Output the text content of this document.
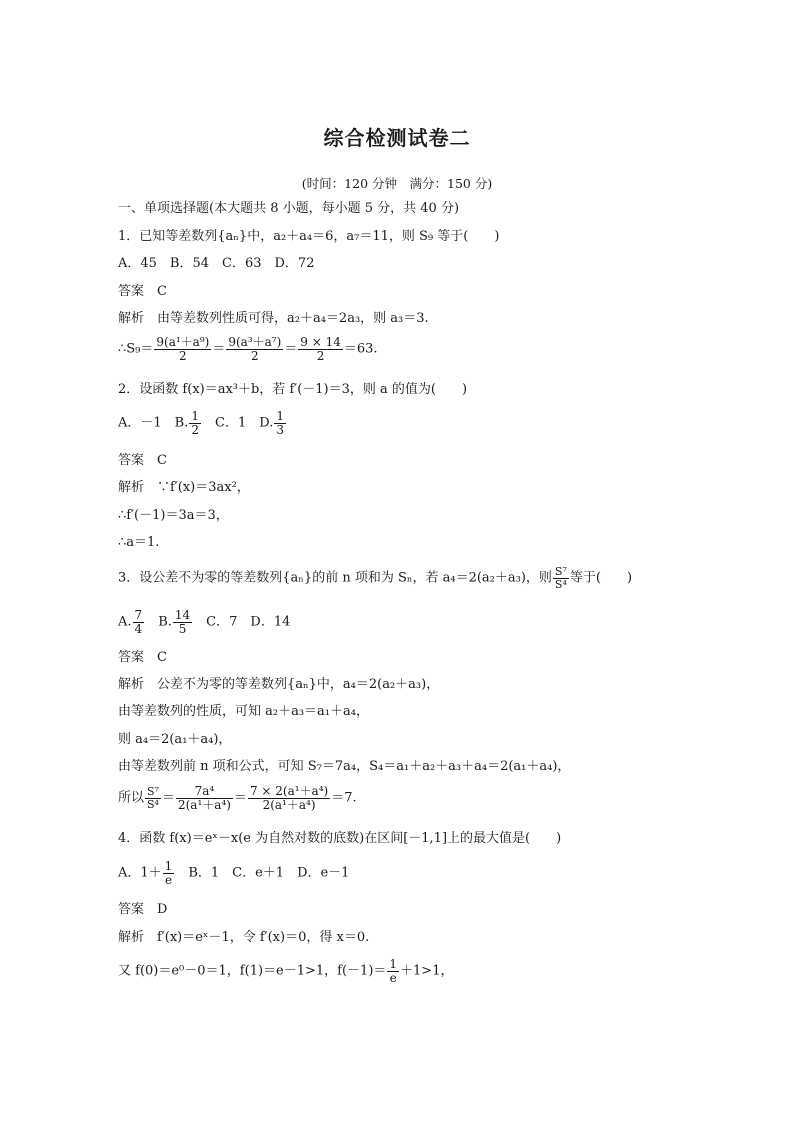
综合检测试卷二
(时间：120 分钟　满分：150 分)
一、单项选择题(本大题共 8 小题，每小题 5 分，共 40 分)
1．已知等差数列{aₙ}中，a₂＋a₄＝6，a₇＝11，则 S₉ 等于(　　)
A．45　B．54　C．63　D．72
答案　C
解析　由等差数列性质可得，a₂＋a₄＝2a₃，则 a₃＝3.
∴S₉＝ $\frac{\text{9(a¹＋a⁹)}}{2} = \frac{\text{9(a³＋a⁷)}}{2} = \frac{9 \times 14}{2} =63$.
2．设函数 f(x)＝ax³＋b，若 f′(－1)＝3，则 a 的值为(　　)
A．－1　B. $\frac{1}{2}$
　 C．1　D. $\frac{1}{3}$
答案　C
解析　∵f′(x)＝3ax²，
∴f′(－1)＝3a＝3，
∴a＝1.
3．设公差不为零的等差数列{aₙ}的前 n 项和为 Sₙ，若 a₄＝2(a₂＋a₃)，则 $\frac{\text{S⁷}}{\text{S⁴}}$ 等于(　　)
A. $\frac{7}{4}$
　 B. $\frac{14}{5}$
　 C．7　D．14
答案　C
解析　公差不为零的等差数列{aₙ}中，a₄＝2(a₂＋a₃)，
由等差数列的性质，可知 a₂＋a₃＝a₁＋a₄，
则 a₄＝2(a₁＋a₄)，
由等差数列前 n 项和公式，可知 S₇＝7a₄，S₄＝a₁＋a₂＋a₃＋a₄＝2(a₁＋a₄)，
所以 $\frac{\text{S⁷}}{\text{S⁴}} = \frac{\text{7a⁴}}{\text{2(a¹＋a⁴)}} = \frac{\text{7 × 2(a¹＋a⁴)}}{\text{2(a¹＋a⁴)}} =7$.
4．函数 f(x)＝eˣ－x(e 为自然对数的底数)在区间[－1,1]上的最大值是(　　)
A．$1+ \frac{1}{e}$
　 B．1　C．e＋1　D．e－1
答案　D
解析　f′(x)＝eˣ－1，令 f′(x)＝0，得 x＝0.
又 f(0)＝e⁰－0＝1，f(1)＝e－1>1，$f(-1)= \frac{1}{e} +1>1$，
